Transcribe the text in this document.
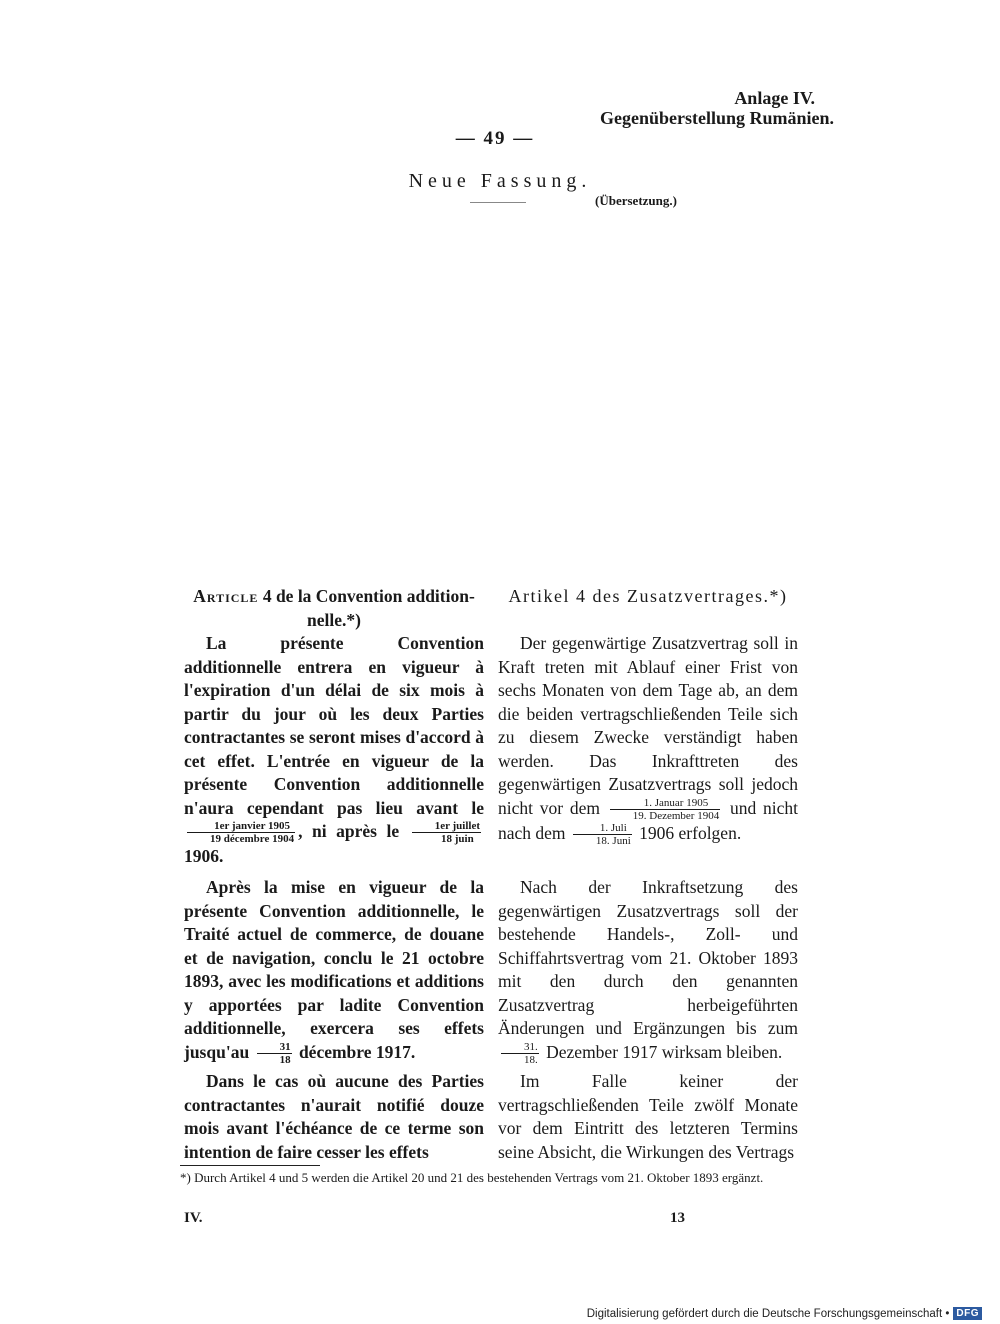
Anlage IV.
Gegenüberstellung Rumänien.
— 49 —
Neue Fassung.
(Übersetzung.)
Article 4 de la Convention addition-nelle.*)
La présente Convention additionnelle entrera en vigueur à l'expiration d'un délai de six mois à partir du jour où les deux Parties contractantes se seront mises d'accord à cet effet. L'entrée en vigueur de la présente Convention additionnelle n'aura cependant pas lieu avant le
$\frac{\text{1er janvier 1905}}{\text{19 décembre 1904}}$ , ni après le $\frac{\text{1er juillet}}{\text{18 juin}}$
1906.
Après la mise en vigueur de la présente Convention additionnelle, le Traité actuel de commerce, de douane et de navigation, conclu le 21 octobre 1893, avec les modifications et additions y apportées par ladite Convention additionnelle, exercera ses effets jusqu'au $\frac{31}{18}$ décembre 1917.
Dans le cas où aucune des Parties contractantes n'aurait notifié douze mois avant l'échéance de ce terme son intention de faire cesser les effets
Artikel 4 des Zusatzvertrages.*)
Der gegenwärtige Zusatzvertrag soll in Kraft treten mit Ablauf einer Frist von sechs Monaten von dem Tage ab, an dem die beiden vertragschließenden Teile sich zu diesem Zwecke verständigt haben werden. Das Inkrafttreten des gegenwärtigen Zusatzvertrags soll jedoch nicht vor dem $\frac{\text{1. Januar 1905}}{\text{19. Dezember 1904}}$ und nicht nach dem $\frac{\text{1. Juli}}{\text{18. Juni}} 1906$ erfolgen.
Nach der Inkraftsetzung des gegenwärtigen Zusatzvertrags soll der bestehende Handels-, Zoll- und Schiffahrtsvertrag vom 21. Oktober 1893 mit den durch den genannten Zusatzvertrag herbeigeführten Änderungen und Ergänzungen bis zum
$\frac{31.}{18.}$ Dezember 1917 wirksam bleiben.
Im Falle keiner der vertragschließenden Teile zwölf Monate vor dem Eintritt des letzteren Termins seine Absicht, die Wirkungen des Vertrags
*) Durch Artikel 4 und 5 werden die Artikel 20 und 21 des bestehenden Vertrags vom 21. Oktober 1893 ergänzt.
IV.	13
Digitalisierung gefördert durch die Deutsche Forschungsgemeinschaft • DFG
